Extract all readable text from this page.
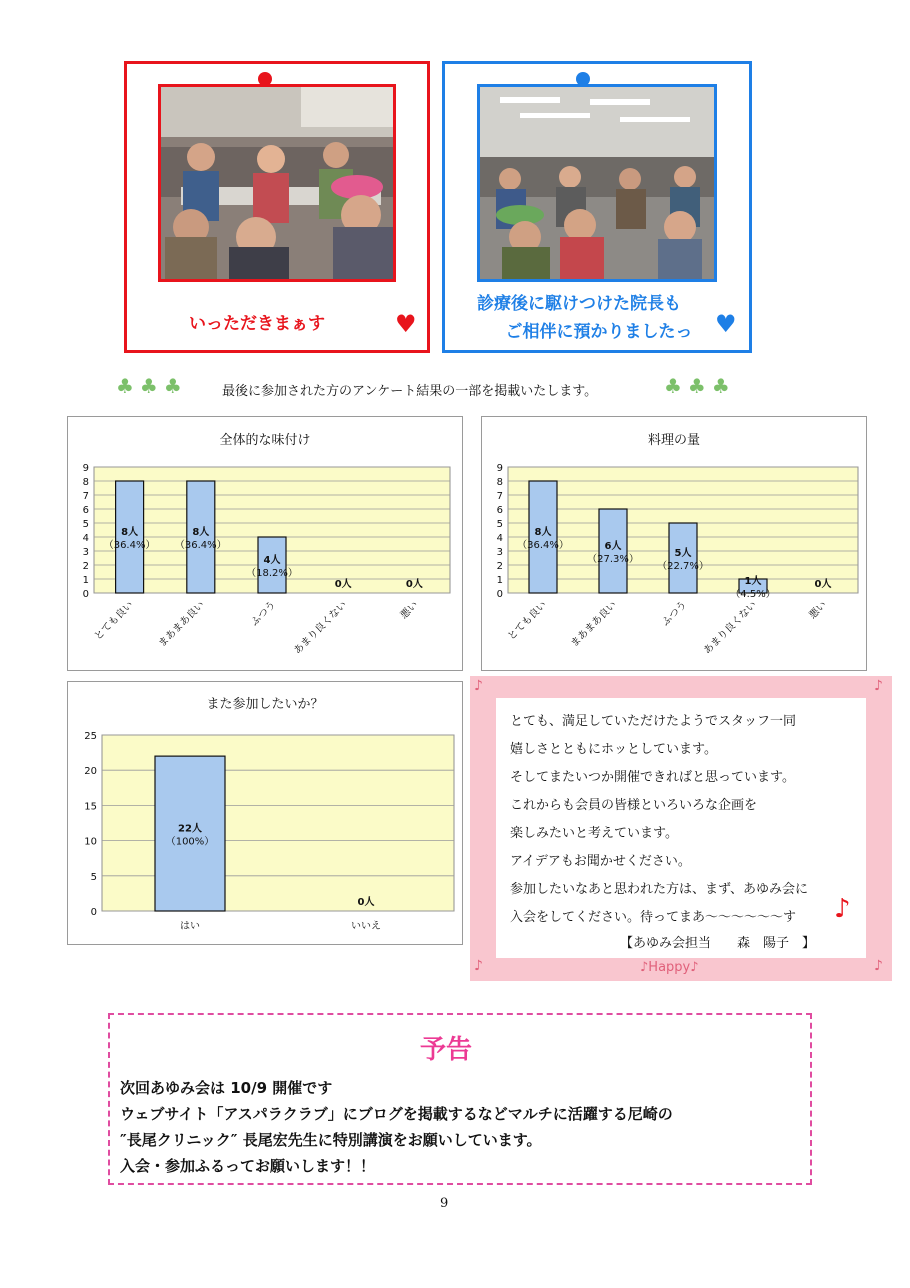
いっただきまぁす	♥
診療後に駆けつけた院長も
ご相伴に預かりましたっ ♥
♣♣♣	最後に参加された方のアンケート結果の一部を掲載いたします。	♣♣♣
全体的な味付け
0
1
2
3
4
5
6
7
8
9
8人
（36.4%）
とても良い
8人
（36.4%）
まあまあ良い
4人
（18.2%）
ふつう
0人
あまり良くない
0人
悪い
料理の量
0
1
2
3
4
5
6
7
8
9
8人
（36.4%）
とても良い
6人
（27.3%）
まあまあ良い
5人
（22.7%）
ふつう
1人
（4.5%）
あまり良くない
0人
悪い
また参加したいか？
0
5
10
15
20
25
22人
（100%）
はい
0人
いいえ
♪	♪
♪	♪
♪Happy♪
とても、満足していただけたようでスタッフ一同
嬉しさとともにホッとしています。
そしてまたいつか開催できればと思っています。
これからも会員の皆様といろいろな企画を
楽しみたいと考えています。
アイデアもお聞かせください。
参加したいなあと思われた方は、まず、あゆみ会に
入会をしてください。待ってまあ～～～～～～す ♪
【あゆみ会担当　　森　陽子　】
予告
次回あゆみ会は 10/9 開催です
ウェブサイト「アスパラクラブ」にブログを掲載するなどマルチに活躍する尼崎の
″長尾クリニック″ 長尾宏先生に特別講演をお願いしています。
入会・参加ふるってお願いします！！
9
